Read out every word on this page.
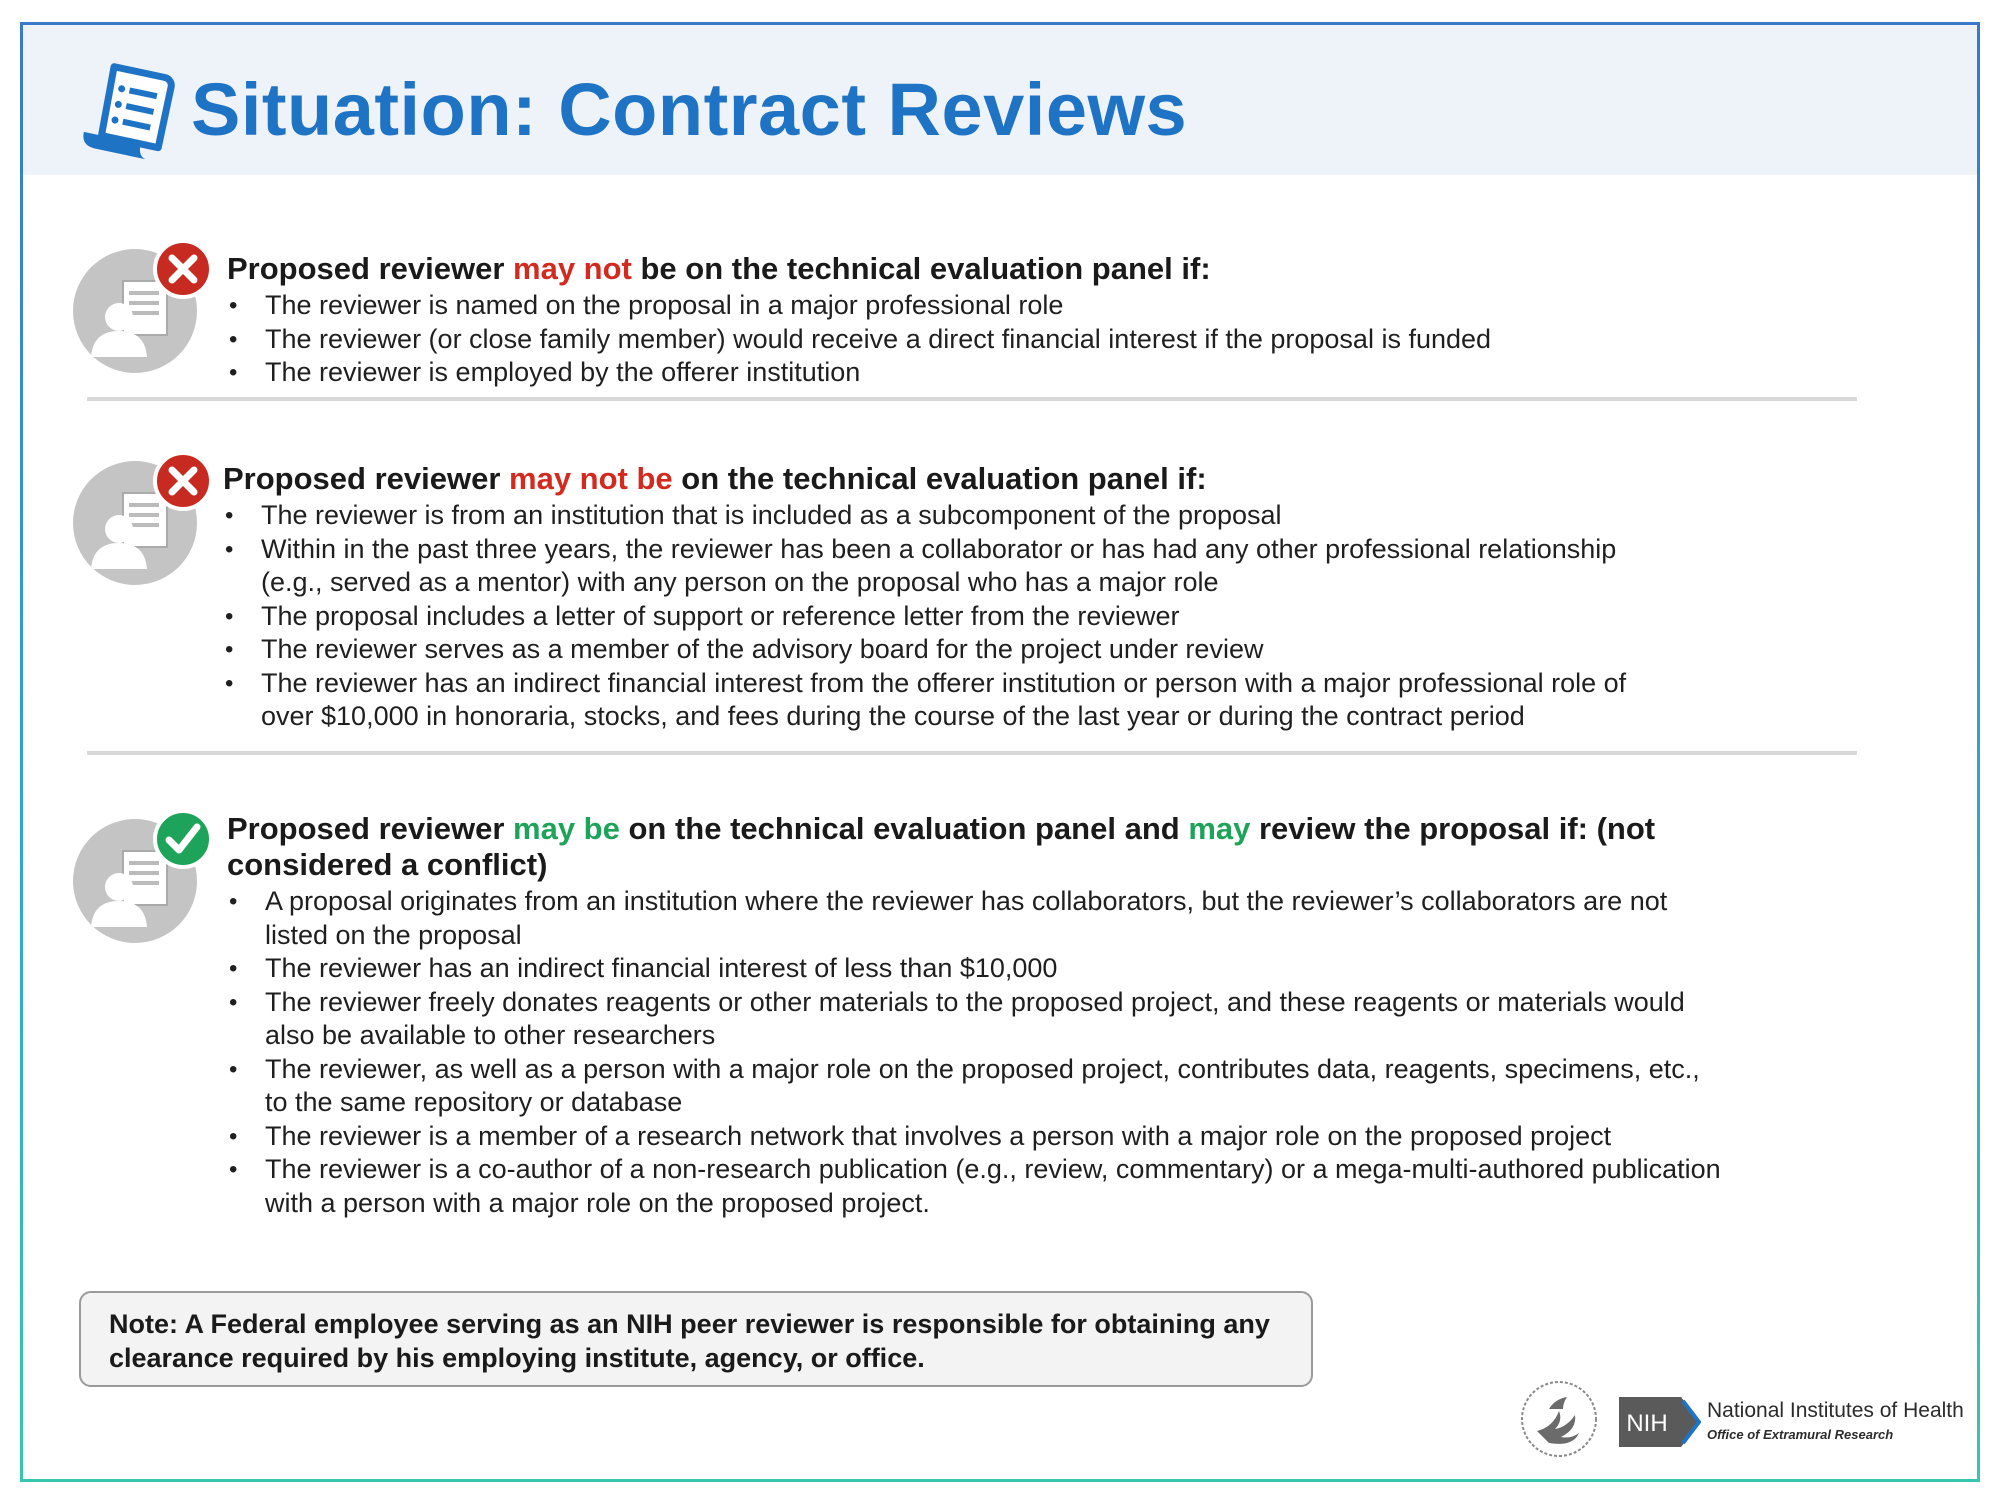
Situation: Contract Reviews

Proposed reviewer may not be on the technical evaluation panel if:

• The reviewer is named on the proposal in a major professional role
• The reviewer (or close family member) would receive a direct financial interest if the proposal is funded
• The reviewer is employed by the offerer institution

Proposed reviewer may not be on the technical evaluation panel if:

• The reviewer is from an institution that is included as a subcomponent of the proposal
• Within in the past three years, the reviewer has been a collaborator or has had any other professional relationship (e.g., served as a mentor) with any person on the proposal who has a major role
• The proposal includes a letter of support or reference letter from the reviewer
• The reviewer serves as a member of the advisory board for the project under review
• The reviewer has an indirect financial interest from the offerer institution or person with a major professional role of over $10,000 in honoraria, stocks, and fees during the course of the last year or during the contract period

Proposed reviewer may be on the technical evaluation panel and may review the proposal if: (not considered a conflict)

• A proposal originates from an institution where the reviewer has collaborators, but the reviewer’s collaborators are not listed on the proposal
• The reviewer has an indirect financial interest of less than $10,000
• The reviewer freely donates reagents or other materials to the proposed project, and these reagents or materials would also be available to other researchers
• The reviewer, as well as a person with a major role on the proposed project, contributes data, reagents, specimens, etc., to the same repository or database
• The reviewer is a member of a research network that involves a person with a major role on the proposed project
• The reviewer is a co-author of a non-research publication (e.g., review, commentary) or a mega-multi-authored publication with a person with a major role on the proposed project.
Note: A Federal employee serving as an NIH peer reviewer is responsible for obtaining any clearance required by his employing institute, agency, or office.
NIH National Institutes of Health
Office of Extramural Research
